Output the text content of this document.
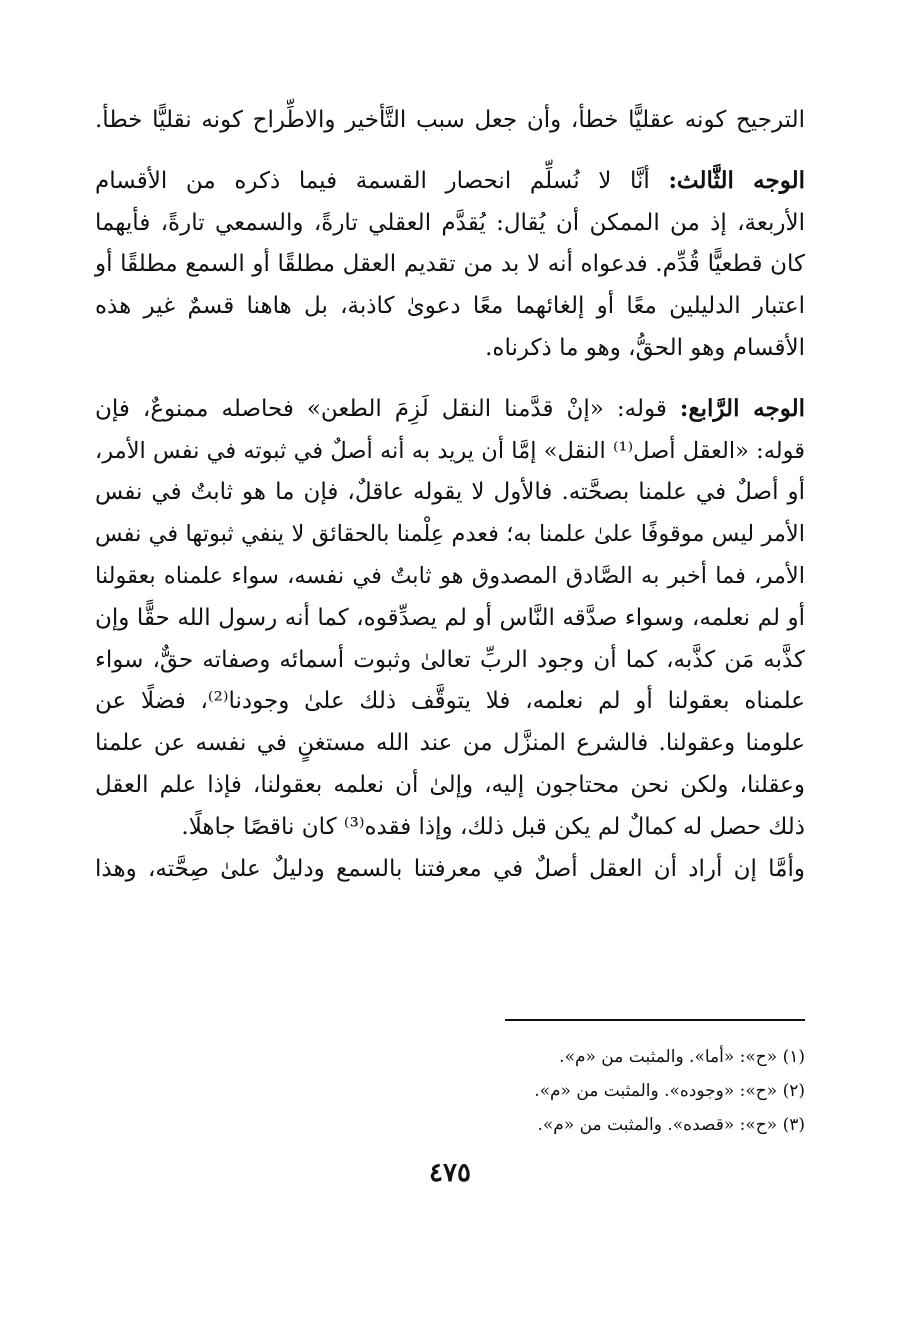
الترجيح كونه عقليًّا خطأ، وأن جعل سبب التَّأخير والاطِّراح كونه نقليًّا خطأ.
الوجه الثَّالث: أنَّا لا نُسلِّم انحصار القسمة فيما ذكره من الأقسام
الأربعة، إذ من الممكن أن يُقال: يُقدَّم العقلي تارةً، والسمعي تارةً، فأيهما
كان قطعيًّا قُدِّم. فدعواه أنه لا بد من تقديم العقل مطلقًا أو السمع مطلقًا أو
اعتبار الدليلين معًا أو إلغائهما معًا دعوىٰ كاذبة، بل هاهنا قسمٌ غير هذه
الأقسام وهو الحقُّ، وهو ما ذكرناه.
الوجه الرَّابع: قوله: «إنْ قدَّمنا النقل لَزِمَ الطعن» فحاصله ممنوعٌ، فإن
قوله: «العقل أصل⁽¹⁾ النقل» إمَّا أن يريد به أنه أصلٌ في ثبوته في نفس الأمر،
أو أصلٌ في علمنا بصحَّته. فالأول لا يقوله عاقلٌ، فإن ما هو ثابتٌ في نفس
الأمر ليس موقوفًا علىٰ علمنا به؛ فعدم عِلْمنا بالحقائق لا ينفي ثبوتها في نفس
الأمر، فما أخبر به الصَّادق المصدوق هو ثابتٌ في نفسه، سواء علمناه بعقولنا
أو لم نعلمه، وسواء صدَّقه النَّاس أو لم يصدِّقوه، كما أنه رسول الله حقًّا وإن
كذَّبه مَن كذَّبه، كما أن وجود الربِّ تعالىٰ وثبوت أسمائه وصفاته حقٌّ، سواء
علمناه بعقولنا أو لم نعلمه، فلا يتوقَّف ذلك علىٰ وجودنا⁽²⁾، فضلًا عن
علومنا وعقولنا. فالشرع المنزَّل من عند الله مستغنٍ في نفسه عن علمنا
وعقلنا، ولكن نحن محتاجون إليه، وإلىٰ أن نعلمه بعقولنا، فإذا علم العقل
ذلك حصل له كمالٌ لم يكن قبل ذلك، وإذا فقده⁽³⁾ كان ناقصًا جاهلًا.
وأمَّا إن أراد أن العقل أصلٌ في معرفتنا بالسمع ودليلٌ علىٰ صِحَّته، وهذا
(١) «ح»: «أما». والمثبت من «م».
(٢) «ح»: «وجوده». والمثبت من «م».
(٣) «ح»: «قصده». والمثبت من «م».
٤٧٥
